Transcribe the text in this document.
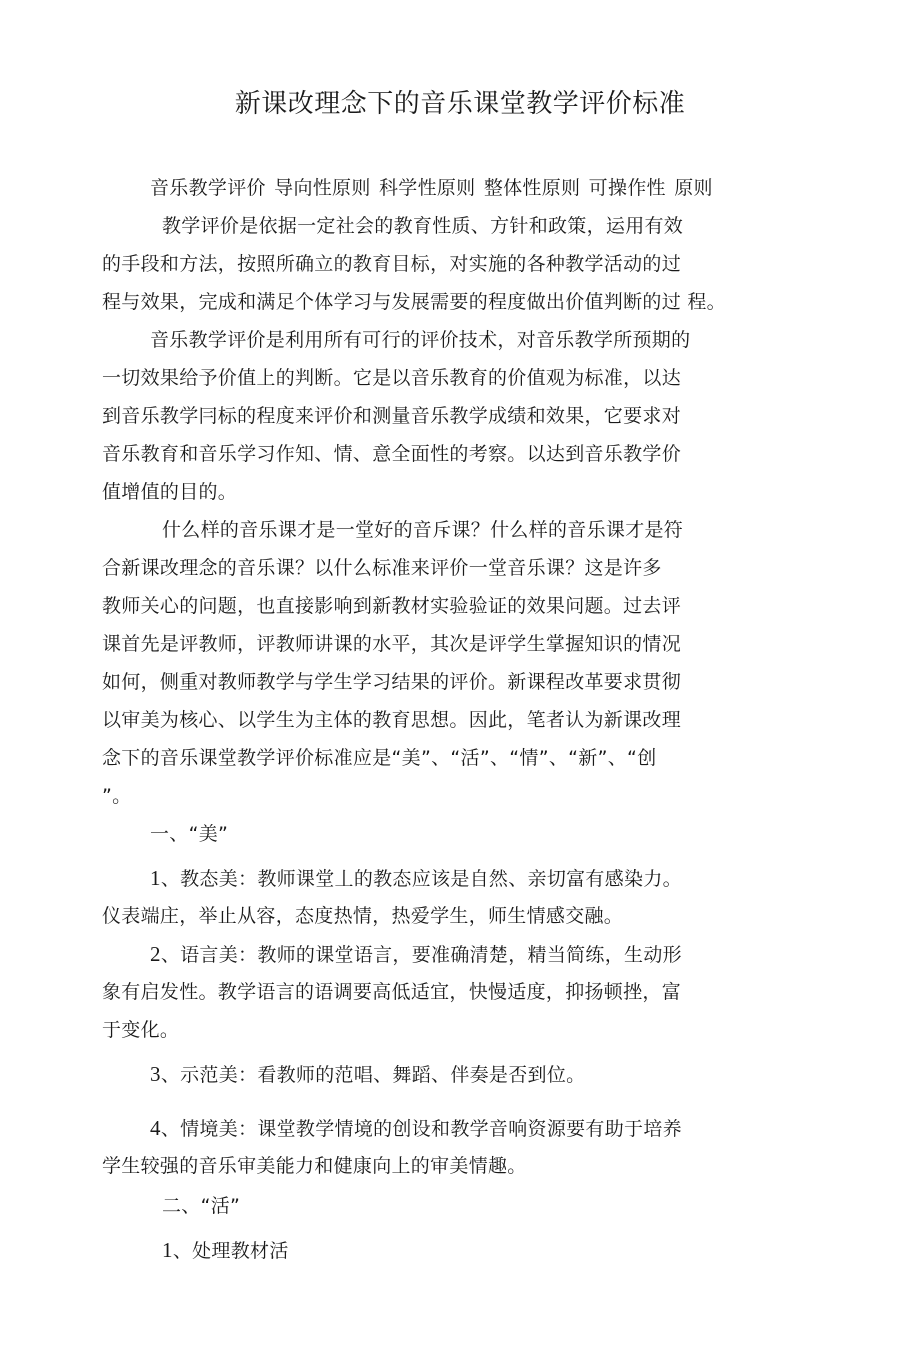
新课改理念下的音乐课堂教学评价标准
音乐教学评价 导向性原则 科学性原则 整体性原则 可操作性 原则
教学评价是依据一定社会的教育性质、方针和政策，运用有效
的手段和方法，按照所确立的教育目标，对实施的各种教学活动的过
程与效果，完成和满足个体学习与发展需要的程度做出价值判断的过 程。
音乐教学评价是利用所有可行的评价技术，对音乐教学所预期的
一切效果给予价值上的判断。它是以音乐教育的价值观为标准，以达
到音乐教学冃标的程度来评价和测量音乐教学成绩和效果，它要求对
音乐教育和音乐学习作知、情、意全面性的考察。以达到音乐教学价
值增值的目的。
什么样的音乐课才是一堂好的音斥课？什么样的音乐课才是符
合新课改理念的音乐课？以什么标准来评价一堂音乐课？这是许多
教师关心的问题，也直接影响到新教材实验验证的效果问题。过去评
课首先是评教师，评教师讲课的水平，其次是评学生掌握知识的情况
如何，侧重对教师教学与学生学习结果的评价。新课程改革要求贯彻
以审美为核心、以学生为主体的教育思想。因此，笔者认为新课改理
念下的音乐课堂教学评价标准应是“美”、“活”、“情”、“新”、“创
”。
一、“美”
1、教态美：教师课堂丄的教态应该是自然、亲切富有感染力。
仪表端庄，举止从容，态度热情，热爱学生，师生情感交融。
2、语言美：教师的课堂语言，要准确清楚，精当简练，生动形
象有启发性。教学语言的语调要高低适宜，快慢适度，抑扬顿挫，富
于变化。
3、示范美：看教师的范唱、舞蹈、伴奏是否到位。
4、情境美：课堂教学情境的创设和教学音响资源要有助于培养
学生较强的音乐审美能力和健康向上的审美情趣。
二、“活”
1、处理教材活
